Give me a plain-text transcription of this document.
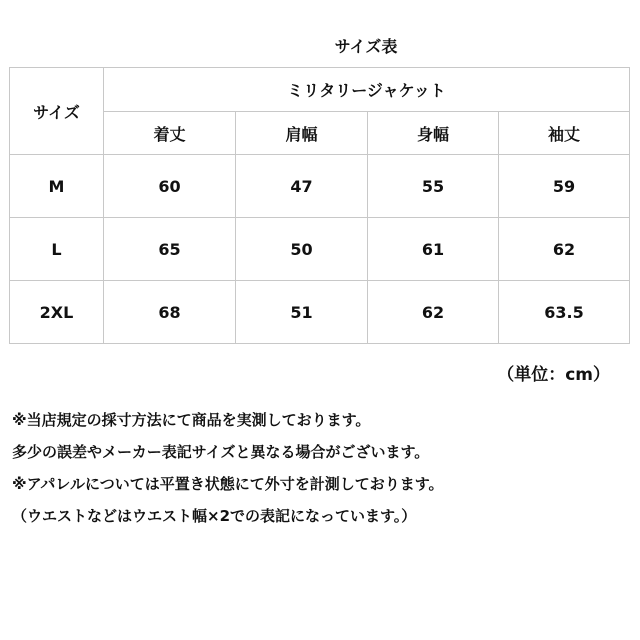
サイズ表
サイズ	ミリタリージャケット			
	着丈	肩幅	身幅	袖丈
M	60	47	55	59
L	65	50	61	62
2XL	68	51	62	63.5
（単位：cm）
※当店規定の採寸方法にて商品を実測しております。
多少の誤差やメーカー表記サイズと異なる場合がございます。
※アパレルについては平置き状態にて外寸を計測しております。
（ウエストなどはウエスト幅×2での表記になっています。）
